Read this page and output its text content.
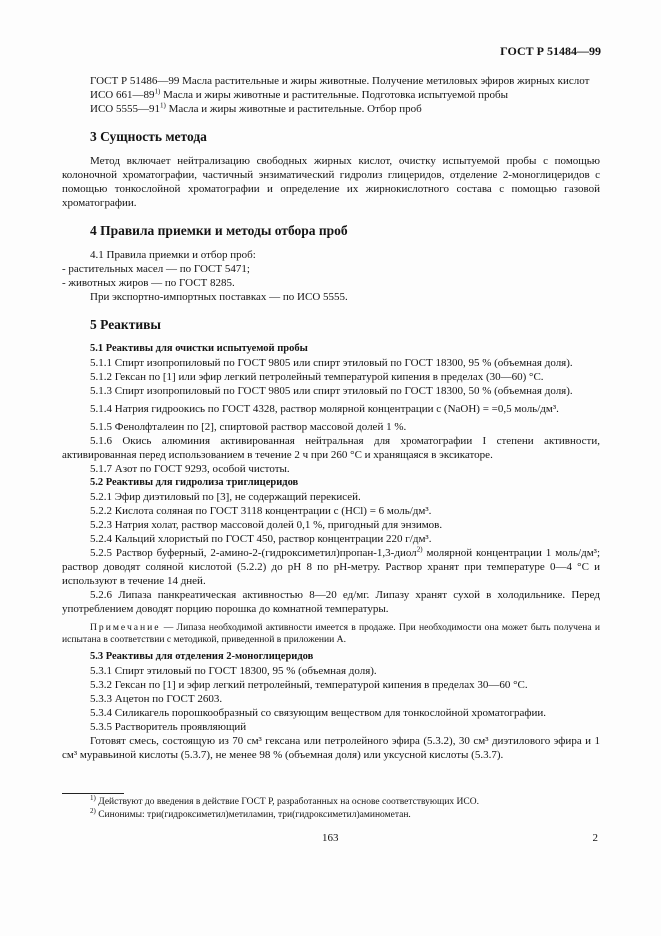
ГОСТ Р 51484—99

ГОСТ Р 51486—99 Масла растительные и жиры животные. Получение метиловых эфиров жирных кислот

ИСО 661—89$^{1)}$ Масла и жиры животные и растительные. Подготовка испытуемой пробы

ИСО 5555—91$^{1)}$ Масла и жиры животные и растительные. Отбор проб

3 Сущность метода

Метод включает нейтрализацию свободных жирных кислот, очистку испытуемой пробы с помощью колоночной хроматографии, частичный энзиматический гидролиз глицеридов, отделение 2-моноглицеридов с помощью тонкослойной хроматографии и определение их жирнокислотного состава с помощью газовой хроматографии.

4 Правила приемки и методы отбора проб

4.1 Правила приемки и отбор проб:

- растительных масел — по ГОСТ 5471;

- животных жиров — по ГОСТ 8285.

При экспортно-импортных поставках — по ИСО 5555.

5 Реактивы
5.1 Реактивы для очистки испытуемой пробы

5.1.1 Спирт изопропиловый по ГОСТ 9805 или спирт этиловый по ГОСТ 18300, 95 % (объемная доля).

5.1.2 Гексан по [1] или эфир легкий петролейный температурой кипения в пределах (30—60) °С.

5.1.3 Спирт изопропиловый по ГОСТ 9805 или спирт этиловый по ГОСТ 18300, 50 % (объемная доля).

5.1.4 Натрия гидроокись по ГОСТ 4328, раствор молярной концентрации с (NaOH) = =0,5 моль/дм³.

5.1.5 Фенолфталеин по [2], спиртовой раствор массовой долей 1 %.

5.1.6 Окись алюминия активированная нейтральная для хроматографии I степени активности, активированная перед использованием в течение 2 ч при 260 °С и хранящаяся в эксикаторе.

5.1.7 Азот по ГОСТ 9293, особой чистоты.

5.2 Реактивы для гидролиза триглицеридов

5.2.1 Эфир диэтиловый по [3], не содержащий перекисей.

5.2.2 Кислота соляная по ГОСТ 3118 концентрации с (HCl) = 6 моль/дм³.

5.2.3 Натрия холат, раствор массовой долей 0,1 %, пригодный для энзимов.

5.2.4 Кальций хлористый по ГОСТ 450, раствор концентрации 220 г/дм³.

5.2.5 Раствор буферный, 2-амино-2-(гидроксиметил)пропан-1,3-диол$^{2)}$ молярной концентрации 1 моль/дм³; раствор доводят соляной кислотой (5.2.2) до pH 8 по pH-метру. Раствор хранят при температуре 0—4 °С и используют в течение 14 дней.

5.2.6 Липаза панкреатическая активностью 8—20 ед/мг. Липазу хранят сухой в холодильнике. Перед употреблением доводят порцию порошка до комнатной температуры.

Примечание — Липаза необходимой активности имеется в продаже. При необходимости она может быть получена и испытана в соответствии с методикой, приведенной в приложении А.

5.3 Реактивы для отделения 2-моноглицеридов

5.3.1 Спирт этиловый по ГОСТ 18300, 95 % (объемная доля).

5.3.2 Гексан по [1] и эфир легкий петролейный, температурой кипения в пределах 30—60 °С.

5.3.3 Ацетон по ГОСТ 2603.

5.3.4 Силикагель порошкообразный со связующим веществом для тонкослойной хроматографии.

5.3.5 Растворитель проявляющий

Готовят смесь, состоящую из 70 см³ гексана или петролейного эфира (5.3.2), 30 см³ диэтилового эфира и 1 см³ муравьиной кислоты (5.3.7), не менее 98 % (объемная доля) или уксусной кислоты (5.3.7).

$^{1)}$ Действуют до введения в действие ГОСТ Р, разработанных на основе соответствующих ИСО.
$^{2)}$ Синонимы: три(гидроксиметил)метиламин, три(гидроксиметил)аминометан.
163	2
